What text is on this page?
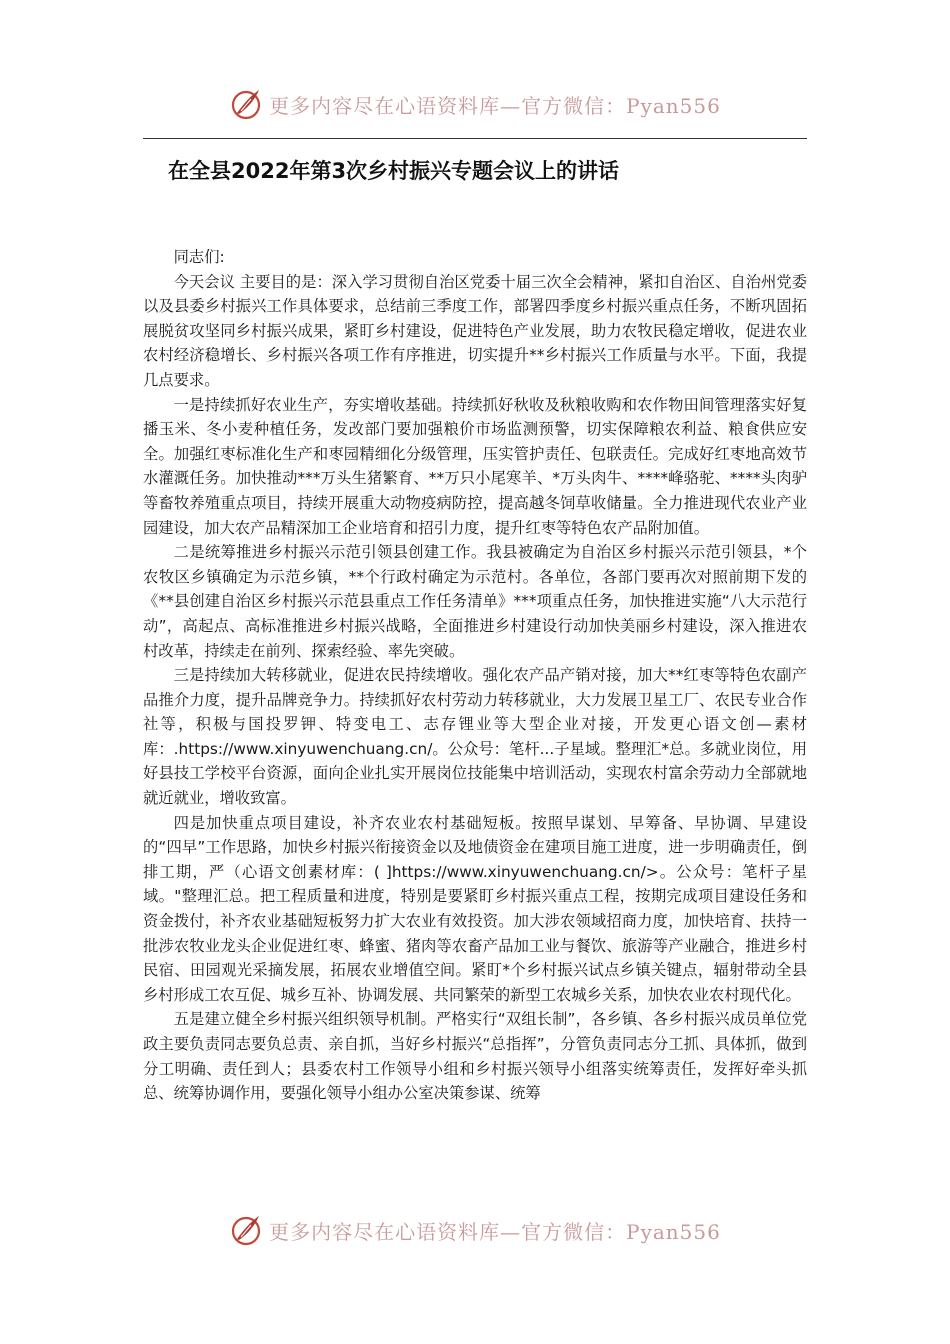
更多内容尽在心语资料库—官方微信：Pyan556
在全县2022年第3次乡村振兴专题会议上的讲话

同志们:

今天会议 主要目的是：深入学习贯彻自治区党委十届三次全会精神，紧扣自治区、自治州党委以及县委乡村振兴工作具体要求，总结前三季度工作，部署四季度乡村振兴重点任务，不断巩固拓展脱贫攻坚同乡村振兴成果，紧盯乡村建设，促进特色产业发展，助力农牧民稳定增收，促进农业农村经济稳增长、乡村振兴各项工作有序推进，切实提升**乡村振兴工作质量与水平。下面，我提几点要求。

一是持续抓好农业生产，夯实增收基础。持续抓好秋收及秋粮收购和农作物田间管理落实好复播玉米、冬小麦种植任务，发改部门要加强粮价市场监测预警，切实保障粮农利益、粮食供应安全。加强红枣标准化生产和枣园精细化分级管理，压实管护责任、包联责任。完成好红枣地高效节水灌溉任务。加快推动***万头生猪繁育、**万只小尾寒羊、*万头肉牛、****峰骆驼、****头肉驴等畜牧养殖重点项目，持续开展重大动物疫病防控，提高越冬饲草收储量。全力推进现代农业产业园建设，加大农产品精深加工企业培育和招引力度，提升红枣等特色农产品附加值。

二是统筹推进乡村振兴示范引领县创建工作。我县被确定为自治区乡村振兴示范引领县，*个农牧区乡镇确定为示范乡镇，**个行政村确定为示范村。各单位，各部门要再次对照前期下发的《**县创建自治区乡村振兴示范县重点工作任务清单》***项重点任务，加快推进实施“八大示范行动”，高起点、高标准推进乡村振兴战略，全面推进乡村建设行动加快美丽乡村建设，深入推进农村改革，持续走在前列、探索经验、率先突破。

三是持续加大转移就业，促进农民持续增收。强化农产品产销对接，加大**红枣等特色农副产品推介力度，提升品牌竞争力。持续抓好农村劳动力转移就业，大力发展卫星工厂、农民专业合作社等，积极与国投罗钾、特变电工、志存锂业等大型企业对接，开发更心语文创—素材库：.https://www.xinyuwenchuang.cn/。公众号：笔杆...子星域。整理汇*总。多就业岗位，用好县技工学校平台资源，面向企业扎实开展岗位技能集中培训活动，实现农村富余劳动力全部就地就近就业，增收致富。

四是加快重点项目建设，补齐农业农村基础短板。按照早谋划、早筹备、早协调、早建设的“四早”工作思路，加快乡村振兴衔接资金以及地债资金在建项目施工进度，进一步明确责任，倒排工期，严（心语文创素材库：( ]https://www.xinyuwenchuang.cn/>。公众号：笔杆子星域。"整理汇总。把工程质量和进度，特别是要紧盯乡村振兴重点工程，按期完成项目建设任务和资金拨付，补齐农业基础短板努力扩大农业有效投资。加大涉农领域招商力度，加快培育、扶持一批涉农牧业龙头企业促进红枣、蜂蜜、猪肉等农畜产品加工业与餐饮、旅游等产业融合，推进乡村民宿、田园观光采摘发展，拓展农业增值空间。紧盯*个乡村振兴试点乡镇关键点，辐射带动全县乡村形成工农互促、城乡互补、协调发展、共同繁荣的新型工农城乡关系，加快农业农村现代化。

五是建立健全乡村振兴组织领导机制。严格实行“双组长制”，各乡镇、各乡村振兴成员单位党政主要负责同志要负总责、亲自抓，当好乡村振兴“总指挥”，分管负责同志分工抓、具体抓，做到分工明确、责任到人；县委农村工作领导小组和乡村振兴领导小组落实统筹责任，发挥好牵头抓总、统筹协调作用，要强化领导小组办公室决策参谋、统筹

更多内容尽在心语资料库—官方微信：Pyan556
